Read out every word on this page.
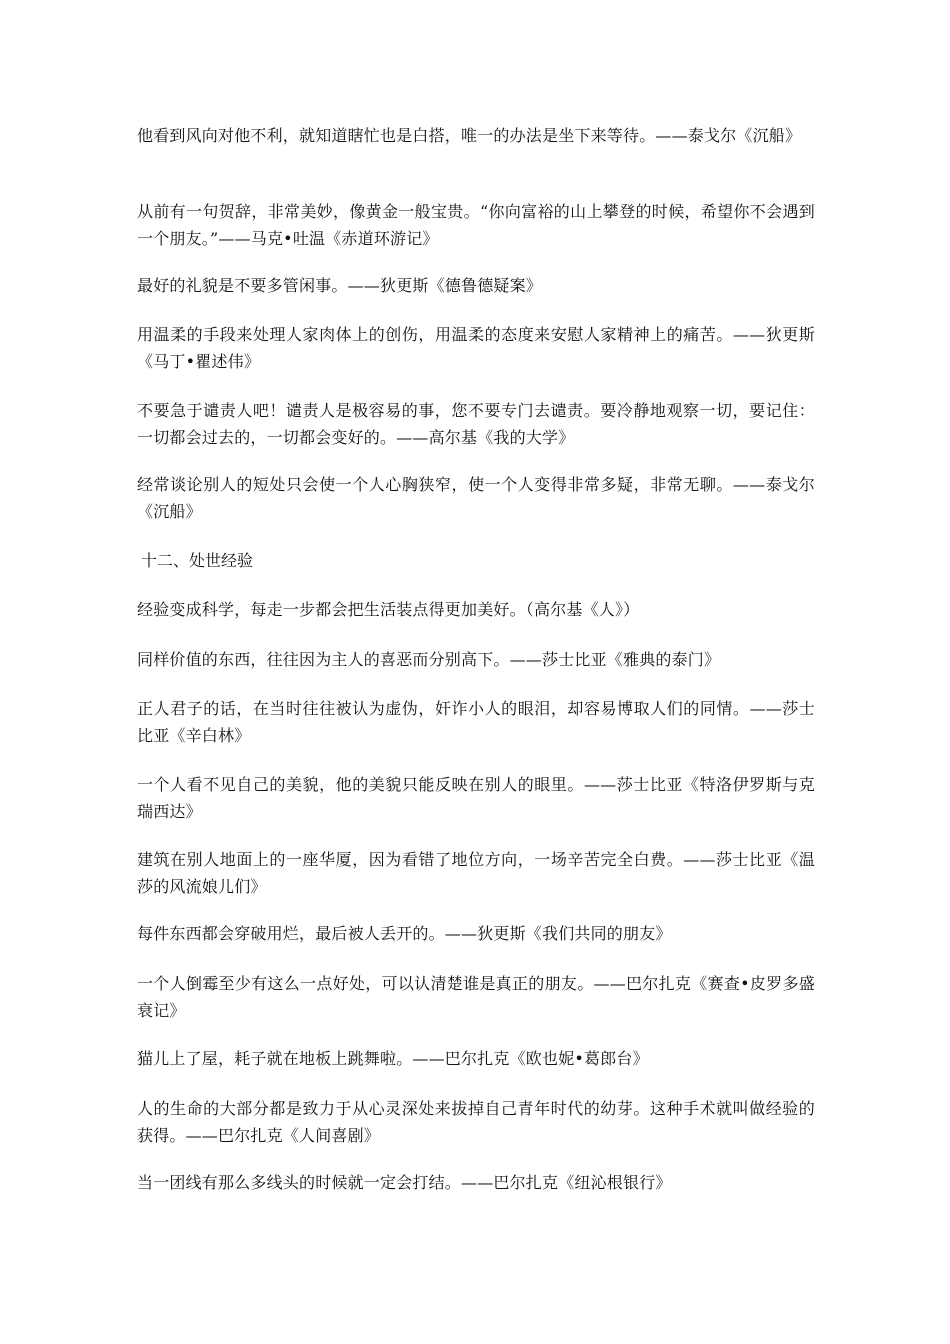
他看到风向对他不利，就知道瞎忙也是白搭，唯一的办法是坐下来等待。——泰戈尔《沉船》

从前有一句贺辞，非常美妙，像黄金一般宝贵。“你向富裕的山上攀登的时候，希望你不会遇到一个朋友。”——马克•吐温《赤道环游记》

最好的礼貌是不要多管闲事。——狄更斯《德鲁德疑案》

用温柔的手段来处理人家肉体上的创伤，用温柔的态度来安慰人家精神上的痛苦。——狄更斯《马丁•瞿述伟》

不要急于谴责人吧！谴责人是极容易的事，您不要专门去谴责。要冷静地观察一切，要记住：一切都会过去的，一切都会变好的。——高尔基《我的大学》

经常谈论别人的短处只会使一个人心胸狭窄，使一个人变得非常多疑，非常无聊。——泰戈尔《沉船》

十二、处世经验

经验变成科学，每走一步都会把生活装点得更加美好。（高尔基《人》）

同样价值的东西，往往因为主人的喜恶而分别高下。——莎士比亚《雅典的泰门》

正人君子的话，在当时往往被认为虚伪，奸诈小人的眼泪，却容易博取人们的同情。——莎士比亚《辛白林》

一个人看不见自己的美貌，他的美貌只能反映在别人的眼里。——莎士比亚《特洛伊罗斯与克瑞西达》

建筑在别人地面上的一座华厦，因为看错了地位方向，一场辛苦完全白费。——莎士比亚《温莎的风流娘儿们》

每件东西都会穿破用烂，最后被人丢开的。——狄更斯《我们共同的朋友》

一个人倒霉至少有这么一点好处，可以认清楚谁是真正的朋友。——巴尔扎克《赛查•皮罗多盛衰记》

猫儿上了屋，耗子就在地板上跳舞啦。——巴尔扎克《欧也妮•葛郎台》

人的生命的大部分都是致力于从心灵深处来拔掉自己青年时代的幼芽。这种手术就叫做经验的获得。——巴尔扎克《人间喜剧》

当一团线有那么多线头的时候就一定会打结。——巴尔扎克《纽沁根银行》
